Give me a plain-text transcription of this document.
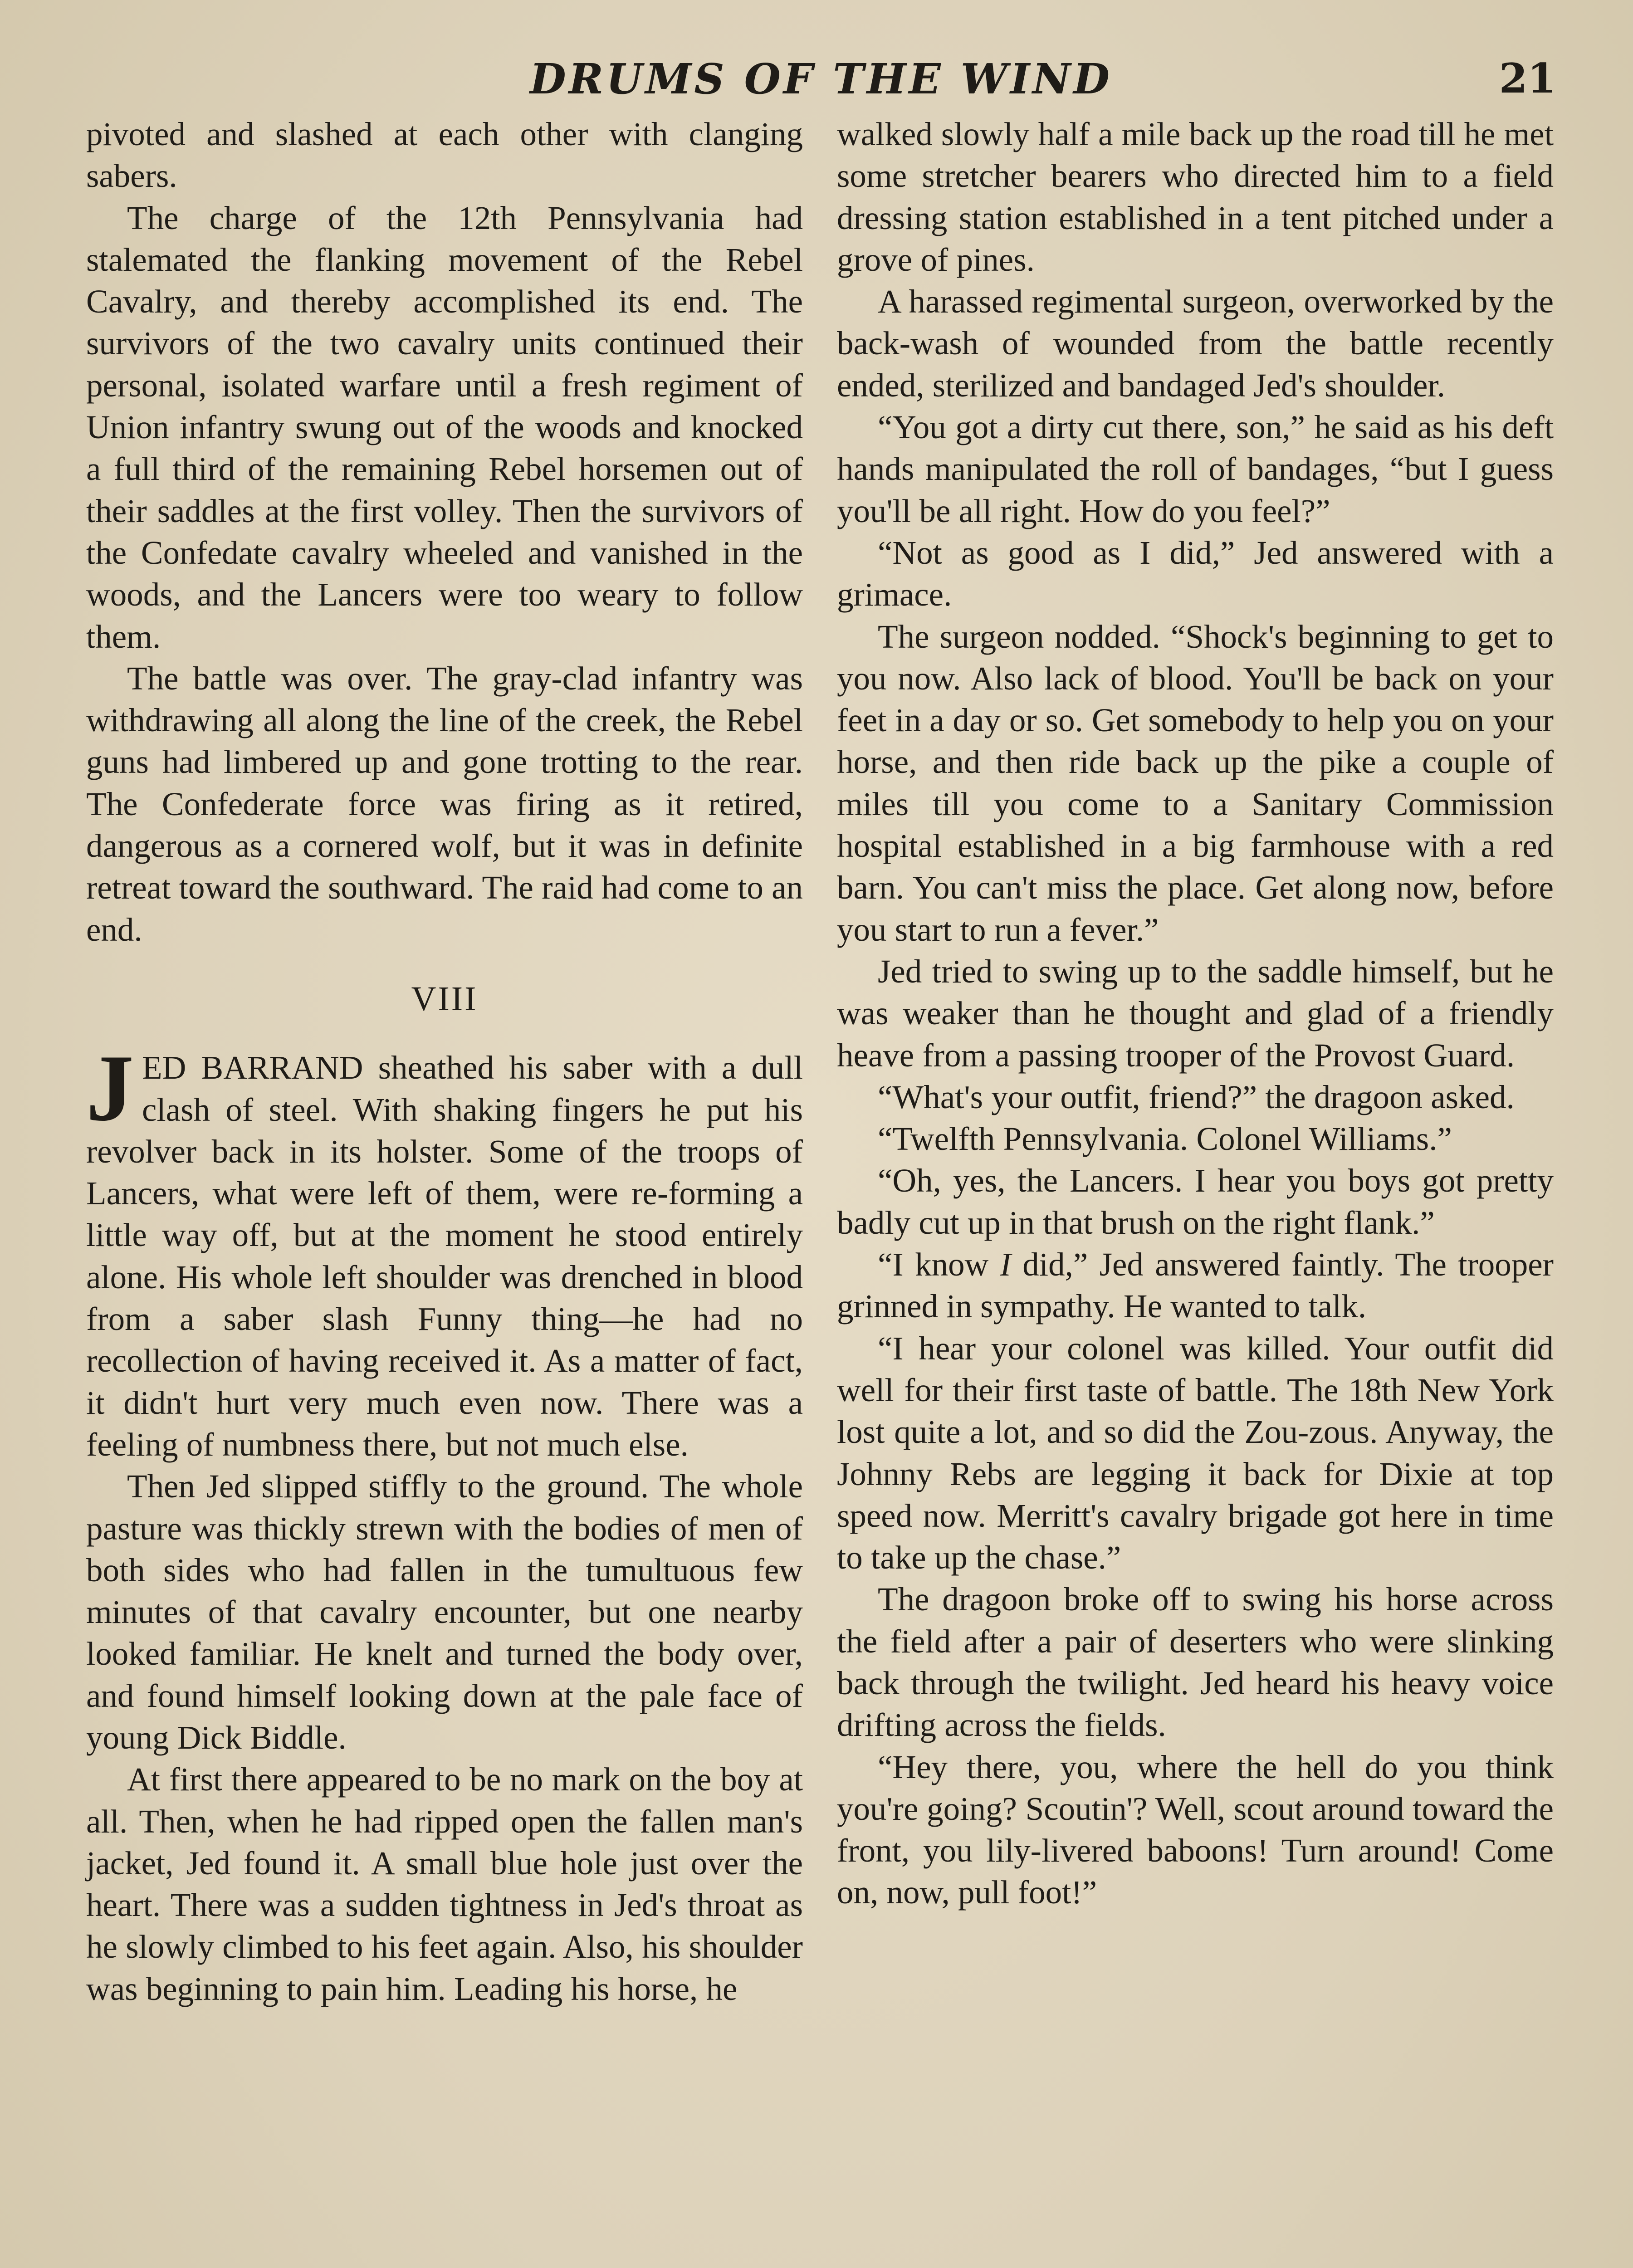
DRUMS OF THE WIND	21

pivoted and slashed at each other with clanging sabers.

The charge of the 12th Pennsylvania had stalemated the flanking movement of the Rebel Cavalry, and thereby accomplished its end. The survivors of the two cavalry units continued their personal, isolated warfare until a fresh regiment of Union infantry swung out of the woods and knocked a full third of the remaining Rebel horsemen out of their saddles at the first volley. Then the survivors of the Confedate cavalry wheeled and vanished in the woods, and the Lancers were too weary to follow them.

The battle was over. The gray-clad infantry was withdrawing all along the line of the creek, the Rebel guns had limbered up and gone trotting to the rear. The Confederate force was firing as it retired, dangerous as a cornered wolf, but it was in definite retreat toward the southward. The raid had come to an end.

VIII

JED BARRAND sheathed his saber with a dull clash of steel. With shaking fingers he put his revolver back in its holster. Some of the troops of Lancers, what were left of them, were re-forming a little way off, but at the moment he stood entirely alone. His whole left shoulder was drenched in blood from a saber slash Funny thing—he had no recollection of having received it. As a matter of fact, it didn't hurt very much even now. There was a feeling of numbness there, but not much else.

Then Jed slipped stiffly to the ground. The whole pasture was thickly strewn with the bodies of men of both sides who had fallen in the tumultuous few minutes of that cavalry encounter, but one nearby looked familiar. He knelt and turned the body over, and found himself looking down at the pale face of young Dick Biddle.

At first there appeared to be no mark on the boy at all. Then, when he had ripped open the fallen man's jacket, Jed found it. A small blue hole just over the heart. There was a sudden tightness in Jed's throat as he slowly climbed to his feet again. Also, his shoulder was beginning to pain him. Leading his horse, he

walked slowly half a mile back up the road till he met some stretcher bearers who directed him to a field dressing station established in a tent pitched under a grove of pines.

A harassed regimental surgeon, overworked by the back-wash of wounded from the battle recently ended, sterilized and bandaged Jed's shoulder.

“You got a dirty cut there, son,” he said as his deft hands manipulated the roll of bandages, “but I guess you'll be all right. How do you feel?”

“Not as good as I did,” Jed answered with a grimace.

The surgeon nodded. “Shock's beginning to get to you now. Also lack of blood. You'll be back on your feet in a day or so. Get somebody to help you on your horse, and then ride back up the pike a couple of miles till you come to a Sanitary Commission hospital established in a big farmhouse with a red barn. You can't miss the place. Get along now, before you start to run a fever.”

Jed tried to swing up to the saddle himself, but he was weaker than he thought and glad of a friendly heave from a passing trooper of the Provost Guard.

“What's your outfit, friend?” the dragoon asked.

“Twelfth Pennsylvania. Colonel Williams.”

“Oh, yes, the Lancers. I hear you boys got pretty badly cut up in that brush on the right flank.”

“I know I did,” Jed answered faintly. The trooper grinned in sympathy. He wanted to talk.

“I hear your colonel was killed. Your outfit did well for their first taste of battle. The 18th New York lost quite a lot, and so did the Zou-zous. Anyway, the Johnny Rebs are legging it back for Dixie at top speed now. Merritt's cavalry brigade got here in time to take up the chase.”

The dragoon broke off to swing his horse across the field after a pair of deserters who were slinking back through the twilight. Jed heard his heavy voice drifting across the fields.

“Hey there, you, where the hell do you think you're going? Scoutin'? Well, scout around toward the front, you lily-livered baboons! Turn around! Come on, now, pull foot!”
